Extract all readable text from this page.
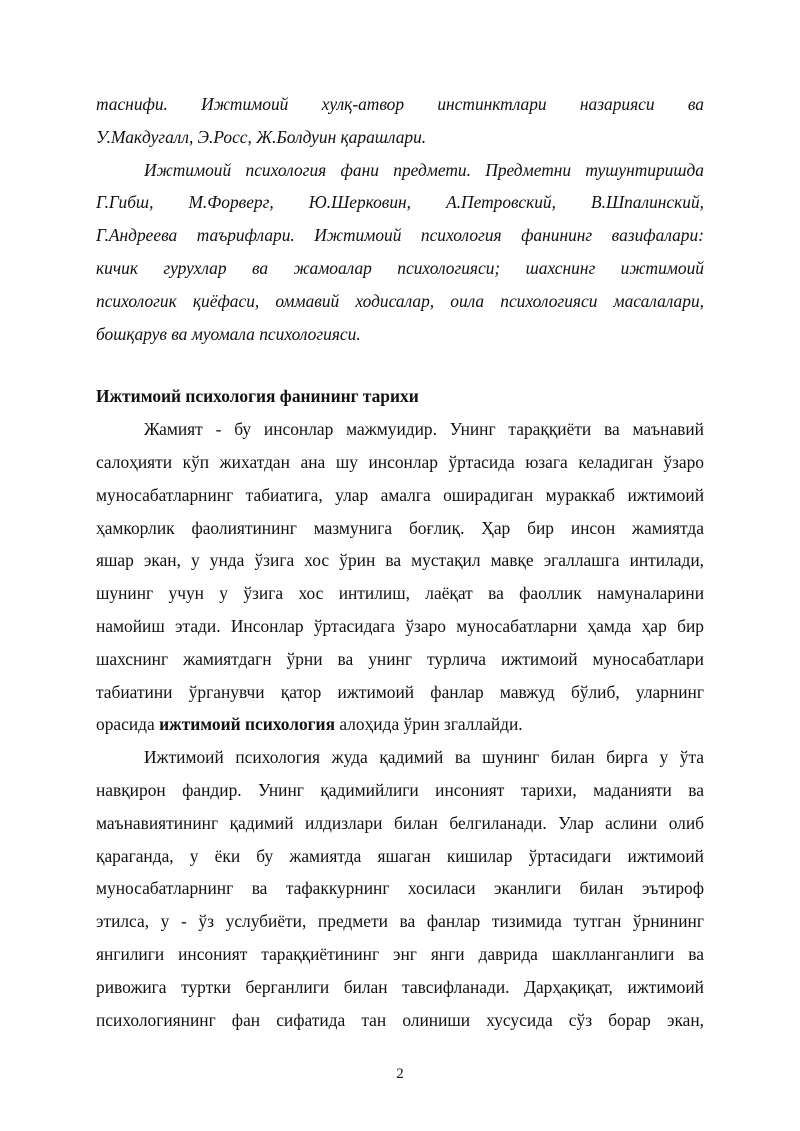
таснифи. Ижтимоий хулқ-атвор инстинктлари назарияси ва
У.Макдугалл, Э.Росс, Ж.Болдуин қарашлари.
Ижтимоий психология фани предмети. Предметни тушунтиришда
Г.Гибш, М.Форверг, Ю.Шерковин, А.Петровский, В.Шпалинский,
Г.Андреева таърифлари. Ижтимоий психология фанининг вазифалари:
кичик гурухлар ва жамоалар психологияси; шахснинг ижтимоий
психологик қиёфаси, оммавий ходисалар, оила психологияси масалалари,
бошқарув ва муомала психологияси.
Ижтимоий психология фанининг тарихи
Жамият - бу инсонлар мажмуидир. Унинг тараққиёти ва маънавий
салоҳияти кўп жихатдан ана шу инсонлар ўртасида юзага келадиган ўзаро
муносабатларнинг табиатига, улар амалга оширадиган мураккаб ижтимоий
ҳамкорлик фаолиятининг мазмунига боғлиқ. Ҳар бир инсон жамиятда
яшар экан, у унда ўзига хос ўрин ва мустақил мавқе эгаллашга интилади,
шунинг учун у ўзига хос интилиш, лаёқат ва фаоллик намуналарини
намойиш этади. Инсонлар ўртасидага ўзаро муносабатларни ҳамда ҳар бир
шахснинг жамиятдагн ўрни ва унинг турлича ижтимоий муносабатлари
табиатини ўрганувчи қатор ижтимоий фанлар мавжуд бўлиб, уларнинг
орасида ижтимоий психология алоҳида ўрин згаллайди.
Ижтимоий психология жуда қадимий ва шунинг билан бирга у ўта
навқирон фандир. Унинг қадимийлиги инсоният тарихи, маданияти ва
маънавиятининг қадимий илдизлари билан белгиланади. Улар аслини олиб
қараганда, у ёки бу жамиятда яшаган кишилар ўртасидаги ижтимоий
муносабатларнинг ва тафаккурнинг хосиласи эканлиги билан эътироф
этилса, у - ўз услубиёти, предмети ва фанлар тизимида тутган ўрнининг
янгилиги инсоният тараққиётининг энг янги даврида шаклланганлиги ва
ривожига туртки берганлиги билан тавсифланади. Дарҳақиқат, ижтимоий
психологиянинг фан сифатида тан олиниши хусусида сўз борар экан,
2
